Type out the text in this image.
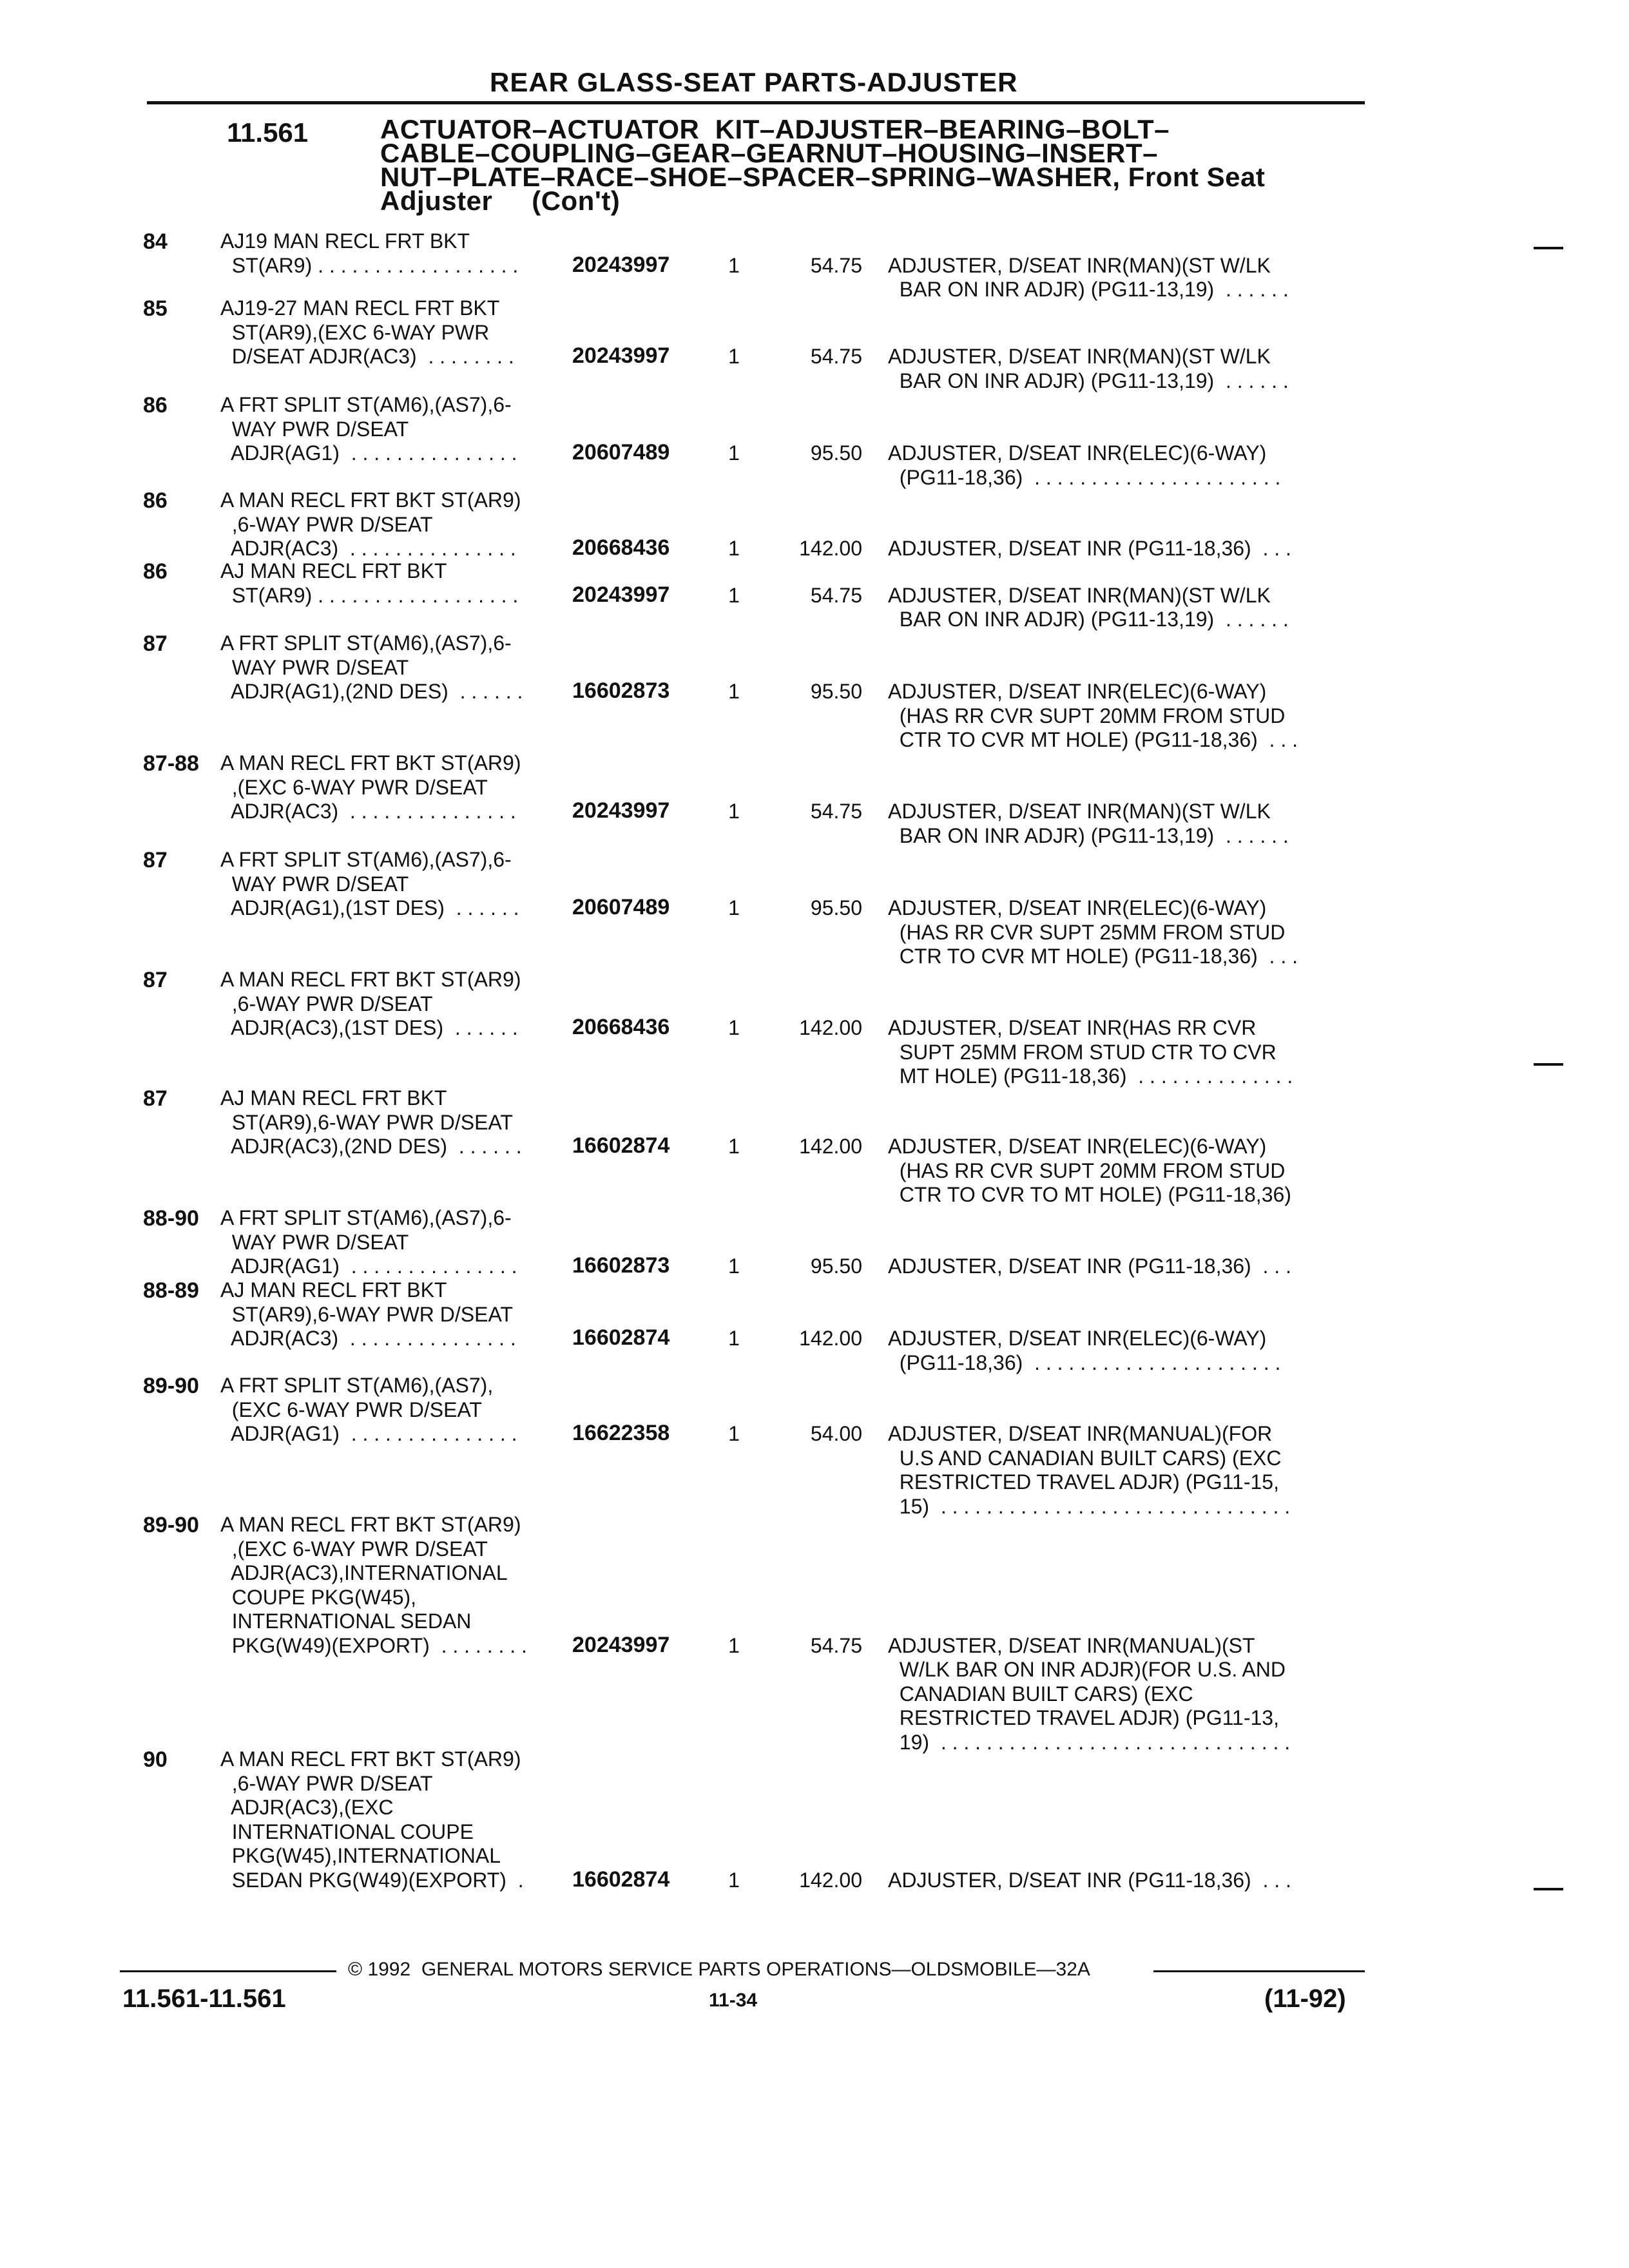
REAR GLASS-SEAT PARTS-ADJUSTER
11.561	ACTUATOR–ACTUATOR  KIT–ADJUSTER–BEARING–BOLT–
CABLE–COUPLING–GEAR–GEARNUT–HOUSING–INSERT–
NUT–PLATE–RACE–SHOE–SPACER–SPRING–WASHER, Front Seat
Adjuster     (Con't)
84	AJ19 MAN RECL FRT BKT
ST(AR9) . . . . . . . . . . . . . . . . . . 20243997	1	54.75 ADJUSTER, D/SEAT INR(MAN)(ST W/LK
BAR ON INR ADJR) (PG11-13,19)  . . . . . .
85	AJ19-27 MAN RECL FRT BKT
ST(AR9),(EXC 6-WAY PWR
D/SEAT ADJR(AC3)  . . . . . . . .	20243997	1	54.75 ADJUSTER, D/SEAT INR(MAN)(ST W/LK
BAR ON INR ADJR) (PG11-13,19)  . . . . . .
86	A FRT SPLIT ST(AM6),(AS7),6-
WAY PWR D/SEAT
ADJR(AG1)  . . . . . . . . . . . . . . .	20607489	1	95.50 ADJUSTER, D/SEAT INR(ELEC)(6-WAY)
(PG11-18,36)  . . . . . . . . . . . . . . . . . . . . . .
86	A MAN RECL FRT BKT ST(AR9)
,6-WAY PWR D/SEAT
ADJR(AC3)  . . . . . . . . . . . . . . .	20668436	1	142.00 ADJUSTER, D/SEAT INR (PG11-18,36)  . . .
86	AJ MAN RECL FRT BKT
ST(AR9) . . . . . . . . . . . . . . . . . . 20243997	1	54.75 ADJUSTER, D/SEAT INR(MAN)(ST W/LK
BAR ON INR ADJR) (PG11-13,19)  . . . . . .
87	A FRT SPLIT ST(AM6),(AS7),6-
WAY PWR D/SEAT
ADJR(AG1),(2ND DES)  . . . . . . 16602873	1	95.50 ADJUSTER, D/SEAT INR(ELEC)(6-WAY)
(HAS RR CVR SUPT 20MM FROM STUD
CTR TO CVR MT HOLE) (PG11-18,36)  . . .
87-88 A MAN RECL FRT BKT ST(AR9)
,(EXC 6-WAY PWR D/SEAT
ADJR(AC3)  . . . . . . . . . . . . . . .	20243997	1	54.75 ADJUSTER, D/SEAT INR(MAN)(ST W/LK
BAR ON INR ADJR) (PG11-13,19)  . . . . . .
87	A FRT SPLIT ST(AM6),(AS7),6-
WAY PWR D/SEAT
ADJR(AG1),(1ST DES)  . . . . . . 20607489	1	95.50 ADJUSTER, D/SEAT INR(ELEC)(6-WAY)
(HAS RR CVR SUPT 25MM FROM STUD
CTR TO CVR MT HOLE) (PG11-18,36)  . . .
87	A MAN RECL FRT BKT ST(AR9)
,6-WAY PWR D/SEAT
ADJR(AC3),(1ST DES)  . . . . . . 20668436	1	142.00 ADJUSTER, D/SEAT INR(HAS RR CVR
SUPT 25MM FROM STUD CTR TO CVR
MT HOLE) (PG11-18,36)  . . . . . . . . . . . . . .
87	AJ MAN RECL FRT BKT
ST(AR9),6-WAY PWR D/SEAT
ADJR(AC3),(2ND DES)  . . . . . . 16602874	1	142.00 ADJUSTER, D/SEAT INR(ELEC)(6-WAY)
(HAS RR CVR SUPT 20MM FROM STUD
CTR TO CVR TO MT HOLE) (PG11-18,36)
88-90 A FRT SPLIT ST(AM6),(AS7),6-
WAY PWR D/SEAT
ADJR(AG1)  . . . . . . . . . . . . . . .	16602873	1	95.50 ADJUSTER, D/SEAT INR (PG11-18,36)  . . .
88-89 AJ MAN RECL FRT BKT
ST(AR9),6-WAY PWR D/SEAT
ADJR(AC3)  . . . . . . . . . . . . . . .	16602874	1	142.00 ADJUSTER, D/SEAT INR(ELEC)(6-WAY)
(PG11-18,36)  . . . . . . . . . . . . . . . . . . . . . .
89-90 A FRT SPLIT ST(AM6),(AS7),
(EXC 6-WAY PWR D/SEAT
ADJR(AG1)  . . . . . . . . . . . . . . .	16622358	1	54.00 ADJUSTER, D/SEAT INR(MANUAL)(FOR
U.S AND CANADIAN BUILT CARS) (EXC
RESTRICTED TRAVEL ADJR) (PG11-15,
15)  . . . . . . . . . . . . . . . . . . . . . . . . . . . . . . .
89-90 A MAN RECL FRT BKT ST(AR9)
,(EXC 6-WAY PWR D/SEAT
ADJR(AC3),INTERNATIONAL
COUPE PKG(W45),
INTERNATIONAL SEDAN
PKG(W49)(EXPORT)  . . . . . . . . 20243997	1	54.75 ADJUSTER, D/SEAT INR(MANUAL)(ST
W/LK BAR ON INR ADJR)(FOR U.S. AND
CANADIAN BUILT CARS) (EXC
RESTRICTED TRAVEL ADJR) (PG11-13,
19)  . . . . . . . . . . . . . . . . . . . . . . . . . . . . . . .
90	A MAN RECL FRT BKT ST(AR9)
,6-WAY PWR D/SEAT
ADJR(AC3),(EXC
INTERNATIONAL COUPE
PKG(W45),INTERNATIONAL
SEDAN PKG(W49)(EXPORT)  . 16602874	1	142.00 ADJUSTER, D/SEAT INR (PG11-18,36)  . . .
© 1992  GENERAL MOTORS SERVICE PARTS OPERATIONS—OLDSMOBILE—32A
11.561-11.561	11-34	(11-92)
